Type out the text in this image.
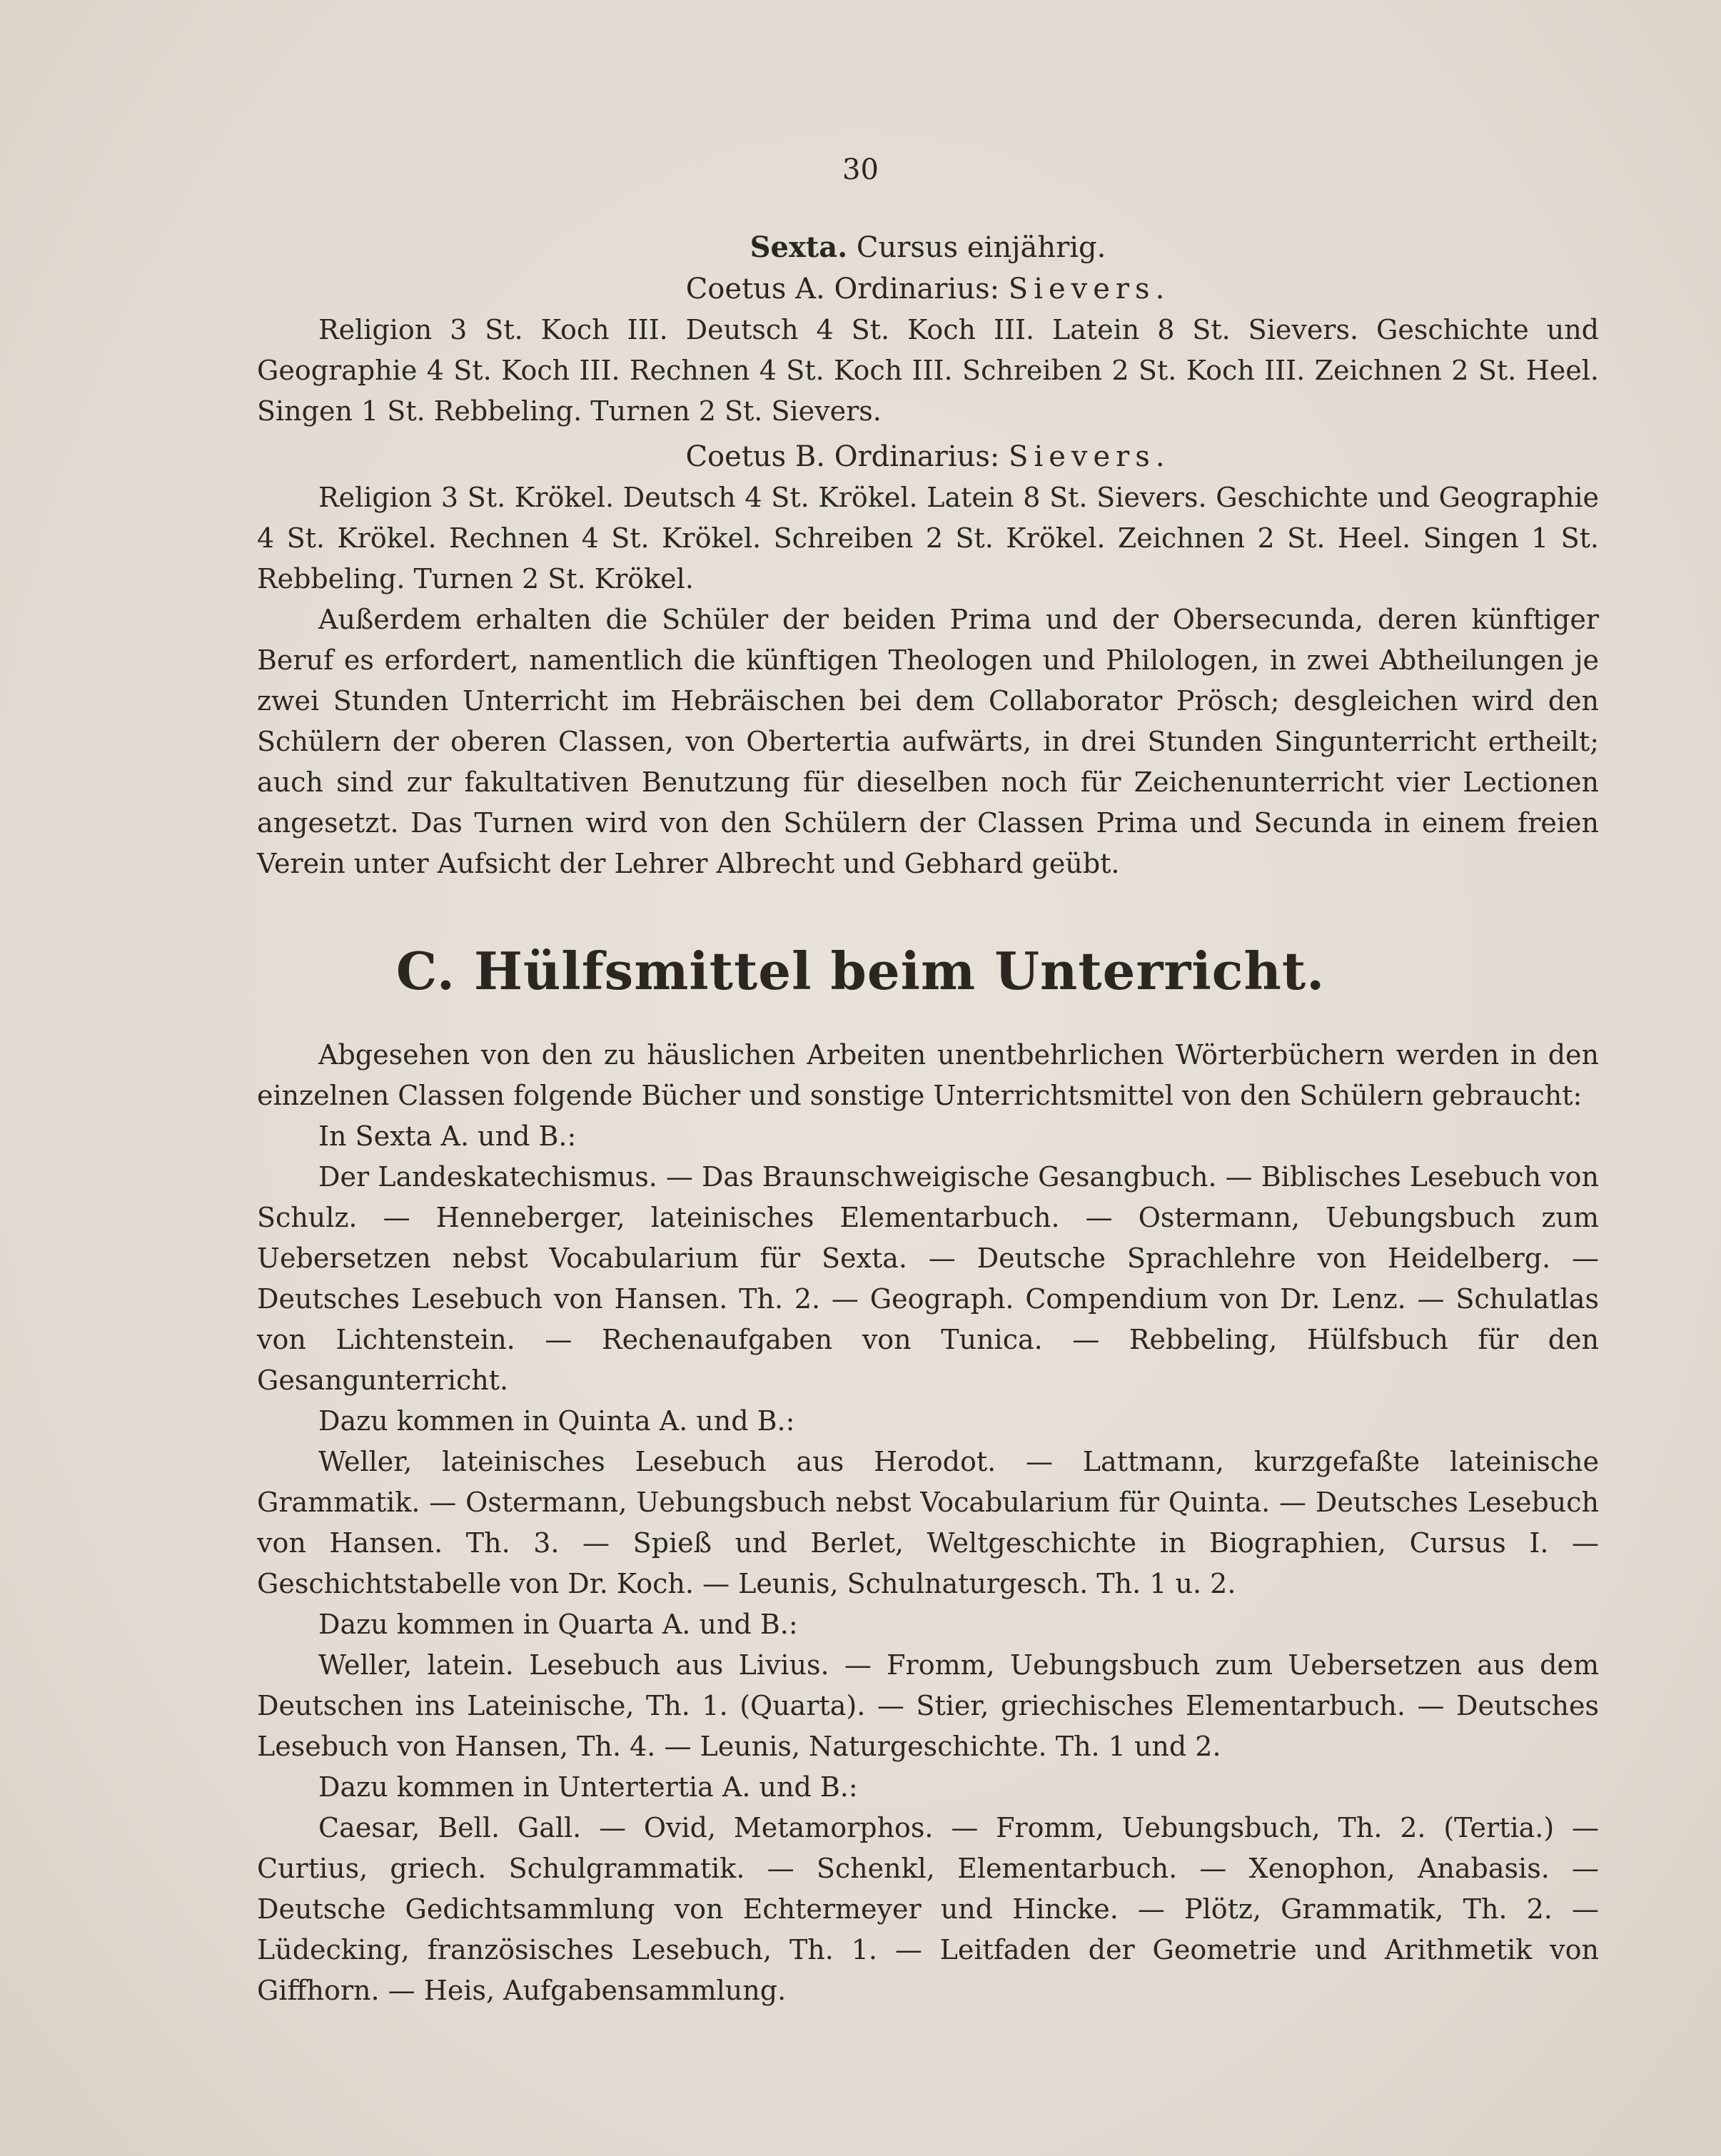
30
Sexta. Cursus einjährig.
Coetus A. Ordinarius: Sievers.

Religion 3 St. Koch III. Deutsch 4 St. Koch III. Latein 8 St. Sievers. Geschichte und Geographie 4 St. Koch III. Rechnen 4 St. Koch III. Schreiben 2 St. Koch III. Zeichnen 2 St. Heel. Singen 1 St. Rebbeling. Turnen 2 St. Sievers.

Coetus B. Ordinarius: Sievers.

Religion 3 St. Krökel. Deutsch 4 St. Krökel. Latein 8 St. Sievers. Geschichte und Geographie 4 St. Krökel. Rechnen 4 St. Krökel. Schreiben 2 St. Krökel. Zeichnen 2 St. Heel. Singen 1 St. Rebbeling. Turnen 2 St. Krökel.

Außerdem erhalten die Schüler der beiden Prima und der Obersecunda, deren künftiger Beruf es erfordert, namentlich die künftigen Theologen und Philologen, in zwei Abtheilungen je zwei Stunden Unterricht im Hebräischen bei dem Collaborator Prösch; desgleichen wird den Schülern der oberen Classen, von Obertertia aufwärts, in drei Stunden Singunterricht ertheilt; auch sind zur fakultativen Benutzung für dieselben noch für Zeichenunterricht vier Lectionen angesetzt. Das Turnen wird von den Schülern der Classen Prima und Secunda in einem freien Verein unter Aufsicht der Lehrer Albrecht und Gebhard geübt.

C. Hülfsmittel beim Unterricht.

Abgesehen von den zu häuslichen Arbeiten unentbehrlichen Wörterbüchern werden in den einzelnen Classen folgende Bücher und sonstige Unterrichtsmittel von den Schülern gebraucht:

In Sexta A. und B.:

Der Landeskatechismus. — Das Braunschweigische Gesangbuch. — Biblisches Lesebuch von Schulz. — Henneberger, lateinisches Elementarbuch. — Ostermann, Uebungsbuch zum Uebersetzen nebst Vocabularium für Sexta. — Deutsche Sprachlehre von Heidelberg. — Deutsches Lesebuch von Hansen. Th. 2. — Geograph. Compendium von Dr. Lenz. — Schulatlas von Lichtenstein. — Rechenaufgaben von Tunica. — Rebbeling, Hülfsbuch für den Gesangunterricht.

Dazu kommen in Quinta A. und B.:

Weller, lateinisches Lesebuch aus Herodot. — Lattmann, kurzgefaßte lateinische Grammatik. — Ostermann, Uebungsbuch nebst Vocabularium für Quinta. — Deutsches Lesebuch von Hansen. Th. 3. — Spieß und Berlet, Weltgeschichte in Biographien, Cursus I. — Geschichtstabelle von Dr. Koch. — Leunis, Schulnaturgesch. Th. 1 u. 2.

Dazu kommen in Quarta A. und B.:

Weller, latein. Lesebuch aus Livius. — Fromm, Uebungsbuch zum Uebersetzen aus dem Deutschen ins Lateinische, Th. 1. (Quarta). — Stier, griechisches Elementarbuch. — Deutsches Lesebuch von Hansen, Th. 4. — Leunis, Naturgeschichte. Th. 1 und 2.

Dazu kommen in Untertertia A. und B.:

Caesar, Bell. Gall. — Ovid, Metamorphos. — Fromm, Uebungsbuch, Th. 2. (Tertia.) — Curtius, griech. Schulgrammatik. — Schenkl, Elementarbuch. — Xenophon, Anabasis. — Deutsche Gedichtsammlung von Echtermeyer und Hincke. — Plötz, Grammatik, Th. 2. — Lüdecking, französisches Lesebuch, Th. 1. — Leitfaden der Geometrie und Arithmetik von Giffhorn. — Heis, Aufgabensammlung.
